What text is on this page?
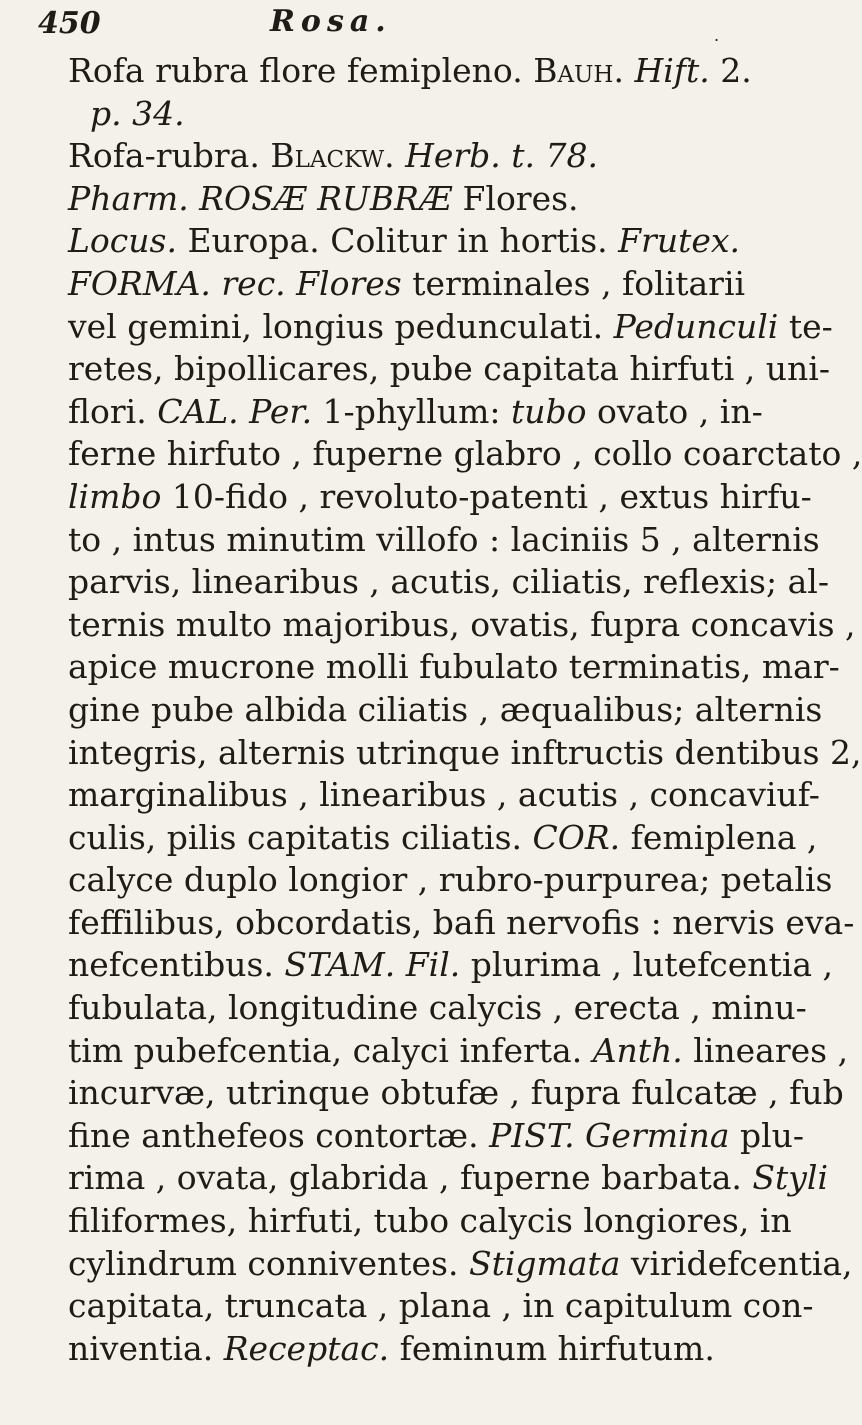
450	Rosa.	.
Rofa rubra flore femipleno. Bauh. Hift. 2.
p. 34.
Rofa-rubra. Blackw. Herb. t. 78.
Pharm. ROSÆ RUBRÆ Flores.
Locus. Europa. Colitur in hortis. Frutex.
FORMA. rec. Flores terminales , folitarii
vel gemini, longius pedunculati. Pedunculi te-
retes, bipollicares, pube capitata hirfuti , uni-
flori. CAL. Per. 1-phyllum: tubo ovato , in-
ferne hirfuto , fuperne glabro , collo coarctato ,
limbo 10-fido , revoluto-patenti , extus hirfu-
to , intus minutim villofo : laciniis 5 , alternis
parvis, linearibus , acutis, ciliatis, reflexis; al-
ternis multo majoribus, ovatis, fupra concavis ,
apice mucrone molli fubulato terminatis, mar-
gine pube albida ciliatis , æqualibus; alternis
integris, alternis utrinque inftructis dentibus 2,
marginalibus , linearibus , acutis , concaviuf-
culis, pilis capitatis ciliatis. COR. femiplena ,
calyce duplo longior , rubro-purpurea; petalis
feffilibus, obcordatis, bafi nervofis : nervis eva-
nefcentibus. STAM. Fil. plurima , lutefcentia ,
fubulata, longitudine calycis , erecta , minu-
tim pubefcentia, calyci inferta. Anth. lineares ,
incurvæ, utrinque obtufæ , fupra fulcatæ , fub
fine anthefeos contortæ. PIST. Germina plu-
rima , ovata, glabrida , fuperne barbata. Styli
filiformes, hirfuti, tubo calycis longiores, in
cylindrum conniventes. Stigmata viridefcentia,
capitata, truncata , plana , in capitulum con-
niventia. Receptac. feminum hirfutum.
